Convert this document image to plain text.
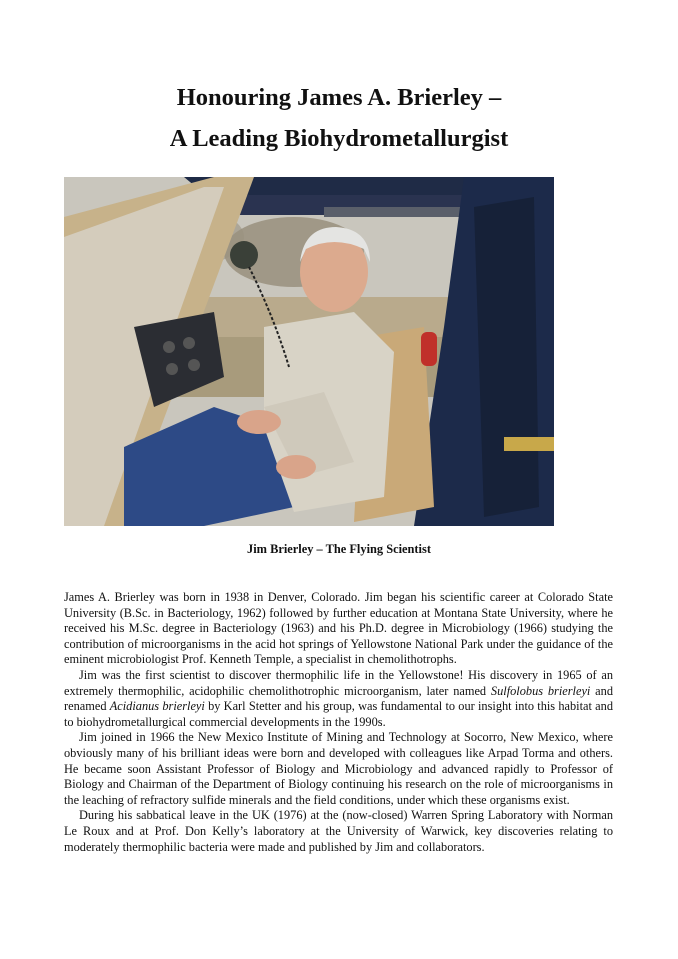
Honouring James A. Brierley –
A Leading Biohydrometallurgist
Jim Brierley – The Flying Scientist

James A. Brierley was born in 1938 in Denver, Colorado. Jim began his scientific career at Colorado State University (B.Sc. in Bacteriology, 1962) followed by further education at Montana State University, where he received his M.Sc. degree in Bacteriology (1963) and his Ph.D. degree in Microbiology (1966) studying the contribution of microorganisms in the acid hot springs of Yellowstone National Park under the guidance of the eminent microbiologist Prof. Kenneth Temple, a specialist in chemolithotrophs.

Jim was the first scientist to discover thermophilic life in the Yellowstone! His discovery in 1965 of an extremely thermophilic, acidophilic chemolithotrophic microorganism, later named Sulfolobus brierleyi and renamed Acidianus brierleyi by Karl Stetter and his group, was fundamental to our insight into this habitat and to biohydrometallurgical commercial developments in the 1990s.

Jim joined in 1966 the New Mexico Institute of Mining and Technology at Socorro, New Mexico, where obviously many of his brilliant ideas were born and developed with colleagues like Arpad Torma and others. He became soon Assistant Professor of Biology and Microbiology and advanced rapidly to Professor of Biology and Chairman of the Department of Biology continuing his research on the role of microorganisms in the leaching of refractory sulfide minerals and the field conditions, under which these organisms exist.

During his sabbatical leave in the UK (1976) at the (now-closed) Warren Spring Laboratory with Norman Le Roux and at Prof. Don Kelly’s laboratory at the University of Warwick, key discoveries relating to moderately thermophilic bacteria were made and published by Jim and collaborators.
